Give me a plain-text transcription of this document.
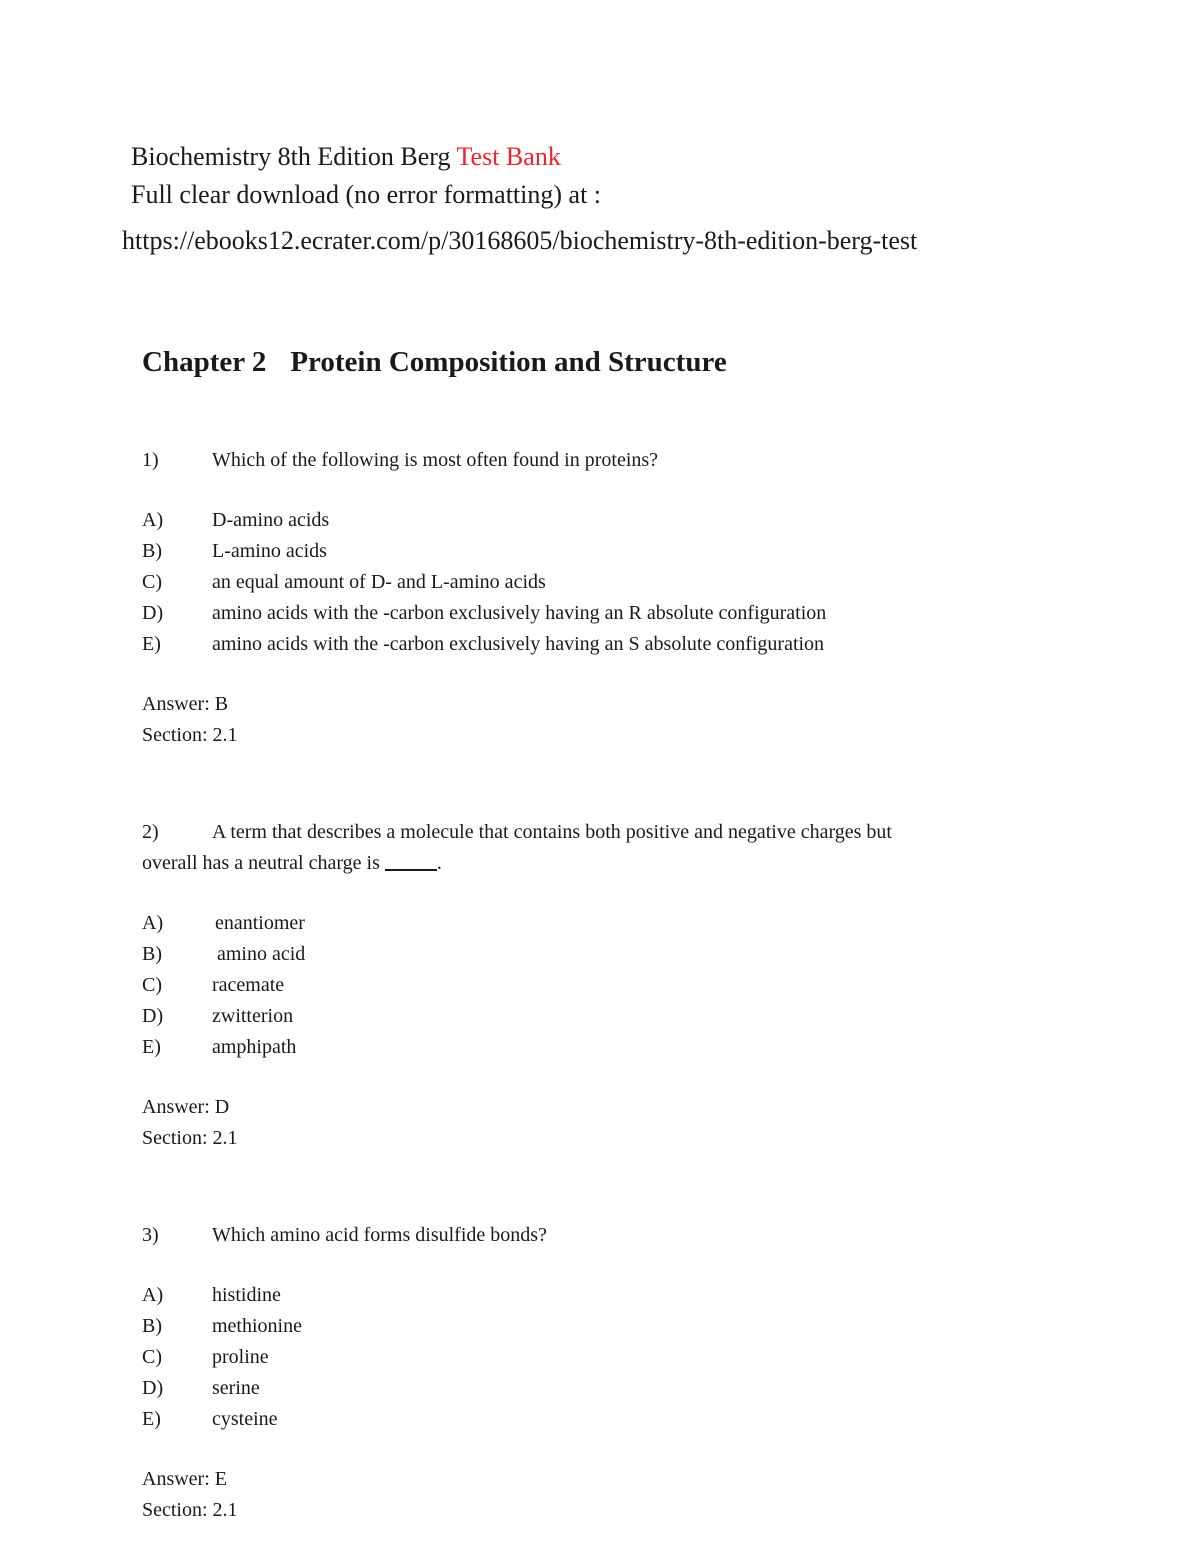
Biochemistry 8th Edition Berg Test Bank
Full clear download (no error formatting) at :
https://ebooks12.ecrater.com/p/30168605/biochemistry-8th-edition-berg-test
Chapter 2 Protein Composition and Structure
1)	Which of the following is most often found in proteins?
A) D-amino acids
B)	L-amino acids
C)	an equal amount of D- and L-amino acids
D) amino acids with the -carbon exclusively having an R absolute configuration
E)	amino acids with the -carbon exclusively having an S absolute configuration
Answer: B
Section: 2.1
2)	A term that describes a molecule that contains both positive and negative charges but
overall has a neutral charge is	.
A)	enantiomer
B)	amino acid
C)	racemate
D) zwitterion
E)	amphipath
Answer: D
Section: 2.1
3)	Which amino acid forms disulfide bonds?
A) histidine
B)	methionine
C)	proline
D) serine
E)	cysteine
Answer: E
Section: 2.1
